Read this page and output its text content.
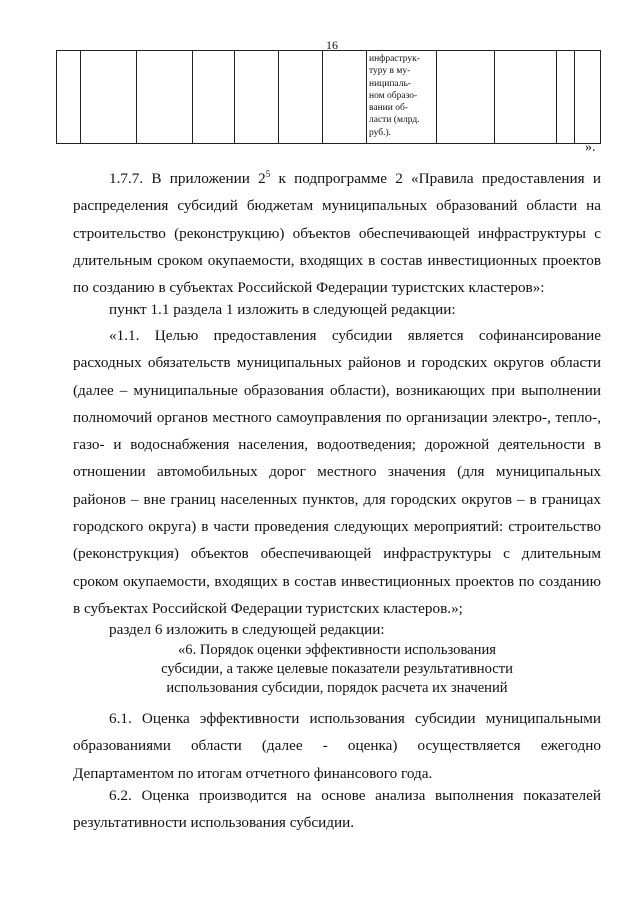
16

инфраструк-
туру в му-
ниципаль-
ном образо-
вании об-
ласти (млрд.
руб.).

».

1.7.7. В приложении $2^5$ к подпрограмме 2 «Правила предоставления и распределения субсидий бюджетам муниципальных образований области на строительство (реконструкцию) объектов обеспечивающей инфраструктуры с длительным сроком окупаемости, входящих в состав инвестиционных проектов по созданию в субъектах Российской Федерации туристских кластеров»:

пункт 1.1 раздела 1 изложить в следующей редакции:

«1.1. Целью предоставления субсидии является софинансирование расходных обязательств муниципальных районов и городских округов области (далее – муниципальные образования области), возникающих при выполнении полномочий органов местного самоуправления по организации электро-, тепло-, газо- и водоснабжения населения, водоотведения; дорожной деятельности в отношении автомобильных дорог местного значения (для муниципальных районов – вне границ населенных пунктов, для городских округов – в границах городского округа) в части проведения следующих мероприятий: строительство (реконструкция) объектов обеспечивающей инфраструктуры с длительным сроком окупаемости, входящих в состав инвестиционных проектов по созданию в субъектах Российской Федерации туристских кластеров.»;

раздел 6 изложить в следующей редакции:

«6. Порядок оценки эффективности использования
субсидии, а также целевые показатели результативности
использования субсидии, порядок расчета их значений

6.1. Оценка эффективности использования субсидии муниципальными образованиями области (далее - оценка) осуществляется ежегодно Департаментом по итогам отчетного финансового года.

6.2. Оценка производится на основе анализа выполнения показателей результативности использования субсидии.
